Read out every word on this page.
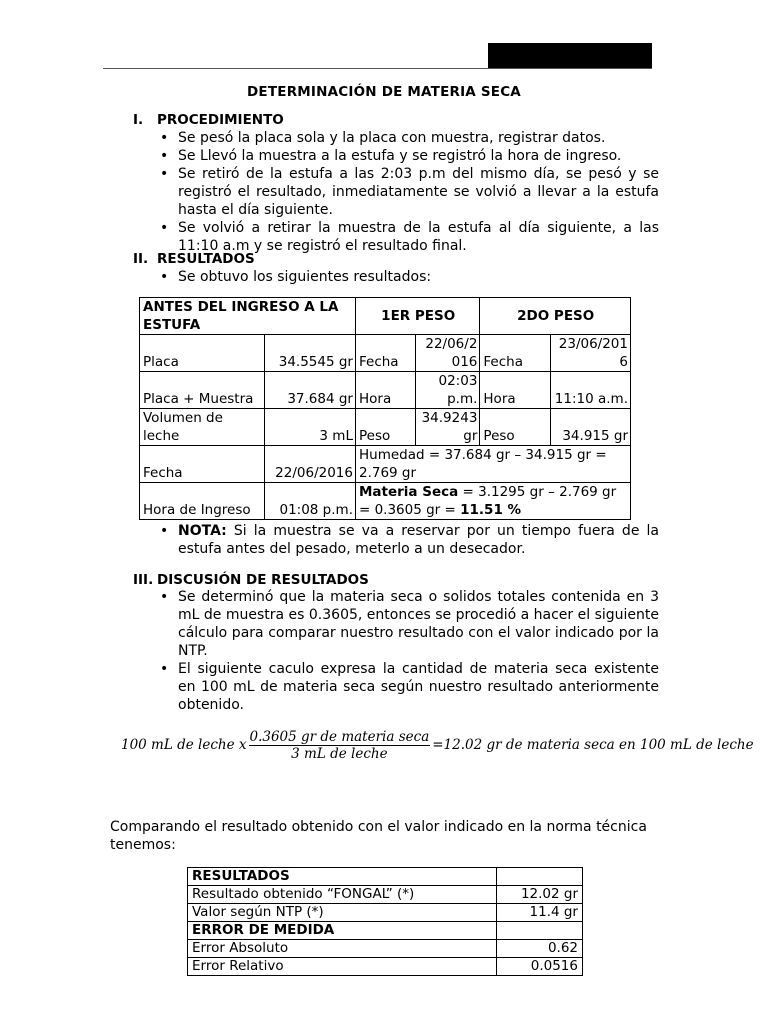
DETERMINACIÓN DE MATERIA SECA
I. PROCEDIMIENTO
• Se pesó la placa sola y la placa con muestra, registrar datos.
• Se Llevó la muestra a la estufa y se registró la hora de ingreso.
• Se retiró de la estufa a las 2:03 p.m del mismo día, se pesó y se registró el resultado, inmediatamente se volvió a llevar a la estufa hasta el día siguiente.
• Se volvió a retirar la muestra de la estufa al día siguiente, a las 11:10 a.m y se registró el resultado final.
II. RESULTADOS
• Se obtuvo los siguientes resultados:
ANTES DEL INGRESO A LA ESTUFA		1ER PESO		2DO PESO	
Placa	34.5545 gr	Fecha	22/06/2016	Fecha	23/06/2016
Placa + Muestra	37.684 gr	Hora	02:03 p.m.	Hora	11:10 a.m.
Volumen de leche	3 mL	Peso	34.9243 gr	Peso	34.915 gr
Fecha	22/06/2016	Humedad = 37.684 gr – 34.915 gr = 2.769 gr			
Hora de Ingreso	01:08 p.m.	Materia Seca = 3.1295 gr – 2.769 gr = 0.3605 gr = 11.51 %			
• NOTA: Si la muestra se va a reservar por un tiempo fuera de la estufa antes del pesado, meterlo a un desecador.
III. DISCUSIÓN DE RESULTADOS
• Se determinó que la materia seca o solidos totales contenida en 3 mL de muestra es 0.3605, entonces se procedió a hacer el siguiente cálculo para comparar nuestro resultado con el valor indicado por la NTP.
• El siguiente caculo expresa la cantidad de materia seca existente en 100 mL de materia seca según nuestro resultado anteriormente obtenido.
100 mL de leche x $\frac{\text{0.3605 gr de materia seca}}{\text{3 mL de leche}} =12.02$ gr de materia seca en 100 mL de leche
Comparando el resultado obtenido con el valor indicado en la norma técnica tenemos:
RESULTADOS	
Resultado obtenido “FONGAL” (*)	12.02 gr
Valor según NTP (*)	11.4 gr
ERROR DE MEDIDA	
Error Absoluto	0.62
Error Relativo	0.0516
